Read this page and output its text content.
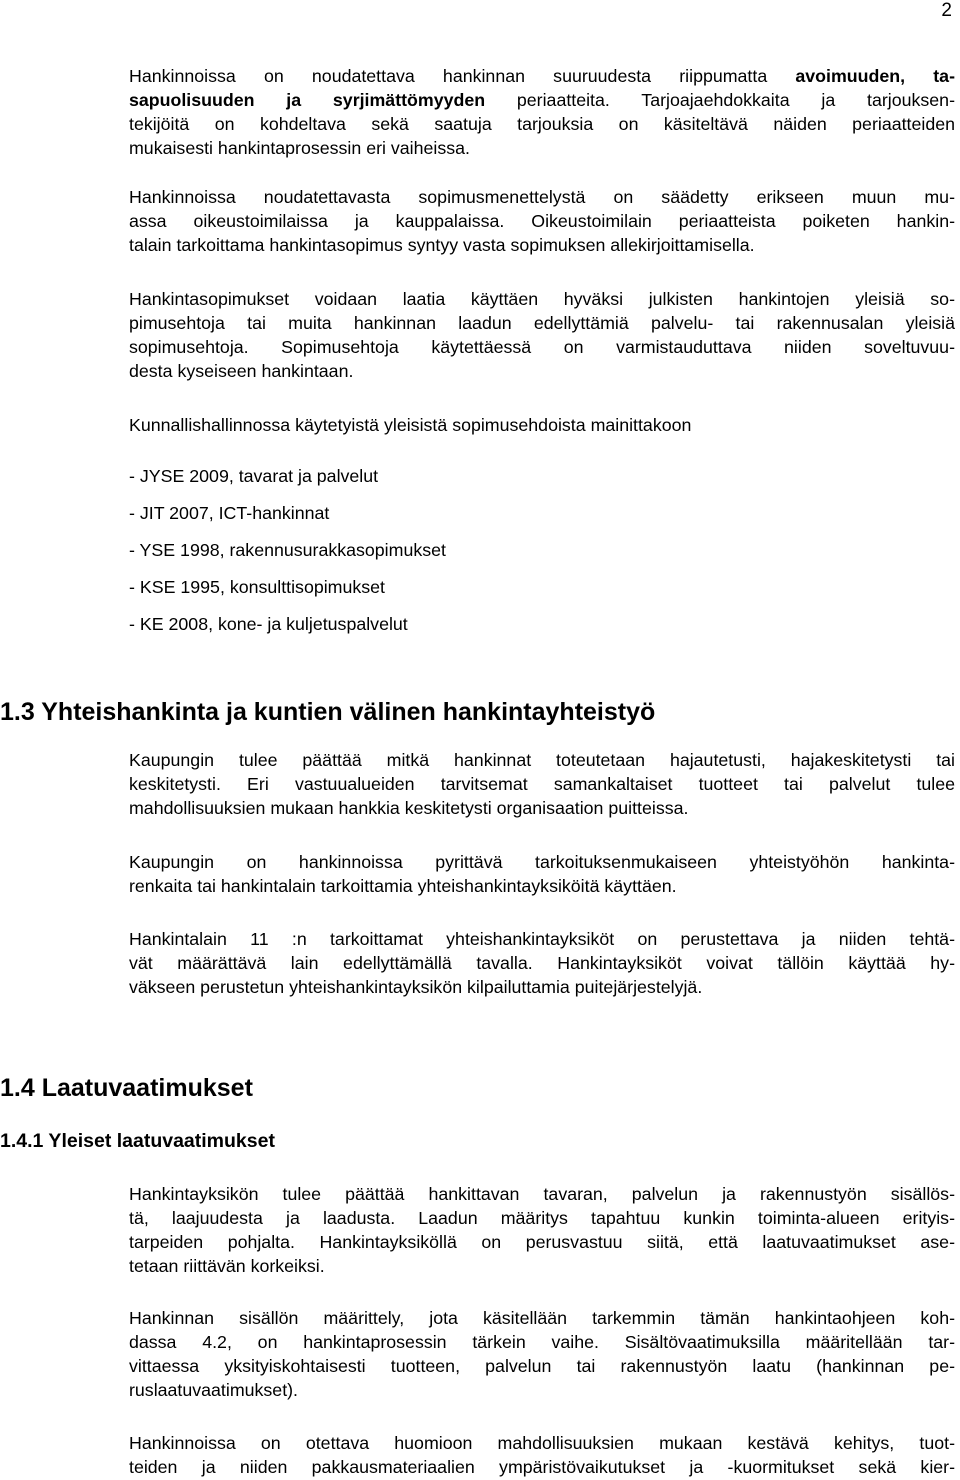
2
Hankinnoissa on noudatettava hankinnan suuruudesta riippumatta avoimuuden, ta-
sapuolisuuden ja syrjimättömyyden periaatteita. Tarjoajaehdokkaita ja tarjouksen-
tekijöitä on kohdeltava sekä saatuja tarjouksia on käsiteltävä näiden periaatteiden
mukaisesti hankintaprosessin eri vaiheissa.
Hankinnoissa noudatettavasta sopimusmenettelystä on säädetty erikseen muun mu-
assa oikeustoimilaissa ja kauppalaissa. Oikeustoimilain periaatteista poiketen hankin-
talain tarkoittama hankintasopimus syntyy vasta sopimuksen allekirjoittamisella.
Hankintasopimukset voidaan laatia käyttäen hyväksi julkisten hankintojen yleisiä so-
pimusehtoja tai muita hankinnan laadun edellyttämiä palvelu- tai rakennusalan yleisiä
sopimusehtoja. Sopimusehtoja käytettäessä on varmistauduttava niiden soveltuvuu-
desta kyseiseen hankintaan.
Kunnallishallinnossa käytetyistä yleisistä sopimusehdoista mainittakoon
- JYSE 2009, tavarat ja palvelut
- JIT 2007, ICT-hankinnat
- YSE 1998, rakennusurakkasopimukset
- KSE 1995, konsulttisopimukset
- KE 2008, kone- ja kuljetuspalvelut
1.3 Yhteishankinta ja kuntien välinen hankintayhteistyö
Kaupungin tulee päättää mitkä hankinnat toteutetaan hajautetusti, hajakeskitetysti tai
keskitetysti. Eri vastuualueiden tarvitsemat samankaltaiset tuotteet tai palvelut tulee
mahdollisuuksien mukaan hankkia keskitetysti organisaation puitteissa.
Kaupungin on hankinnoissa pyrittävä tarkoituksenmukaiseen yhteistyöhön hankinta-
renkaita tai hankintalain tarkoittamia yhteishankintayksiköitä käyttäen.
Hankintalain 11 :n tarkoittamat yhteishankintayksiköt on perustettava ja niiden tehtä-
vät määrättävä lain edellyttämällä tavalla. Hankintayksiköt voivat tällöin käyttää hy-
väkseen perustetun yhteishankintayksikön kilpailuttamia puitejärjestelyjä.
1.4 Laatuvaatimukset
1.4.1 Yleiset laatuvaatimukset
Hankintayksikön tulee päättää hankittavan tavaran, palvelun ja rakennustyön sisällös-
tä, laajuudesta ja laadusta. Laadun määritys tapahtuu kunkin toiminta-alueen erityis-
tarpeiden pohjalta. Hankintayksiköllä on perusvastuu siitä, että laatuvaatimukset ase-
tetaan riittävän korkeiksi.
Hankinnan sisällön määrittely, jota käsitellään tarkemmin tämän hankintaohjeen koh-
dassa 4.2, on hankintaprosessin tärkein vaihe. Sisältövaatimuksilla määritellään tar-
vittaessa yksityiskohtaisesti tuotteen, palvelun tai rakennustyön laatu (hankinnan pe-
ruslaatuvaatimukset).
Hankinnoissa on otettava huomioon mahdollisuuksien mukaan kestävä kehitys, tuot-
teiden ja niiden pakkausmateriaalien ympäristövaikutukset ja -kuormitukset sekä kier-
